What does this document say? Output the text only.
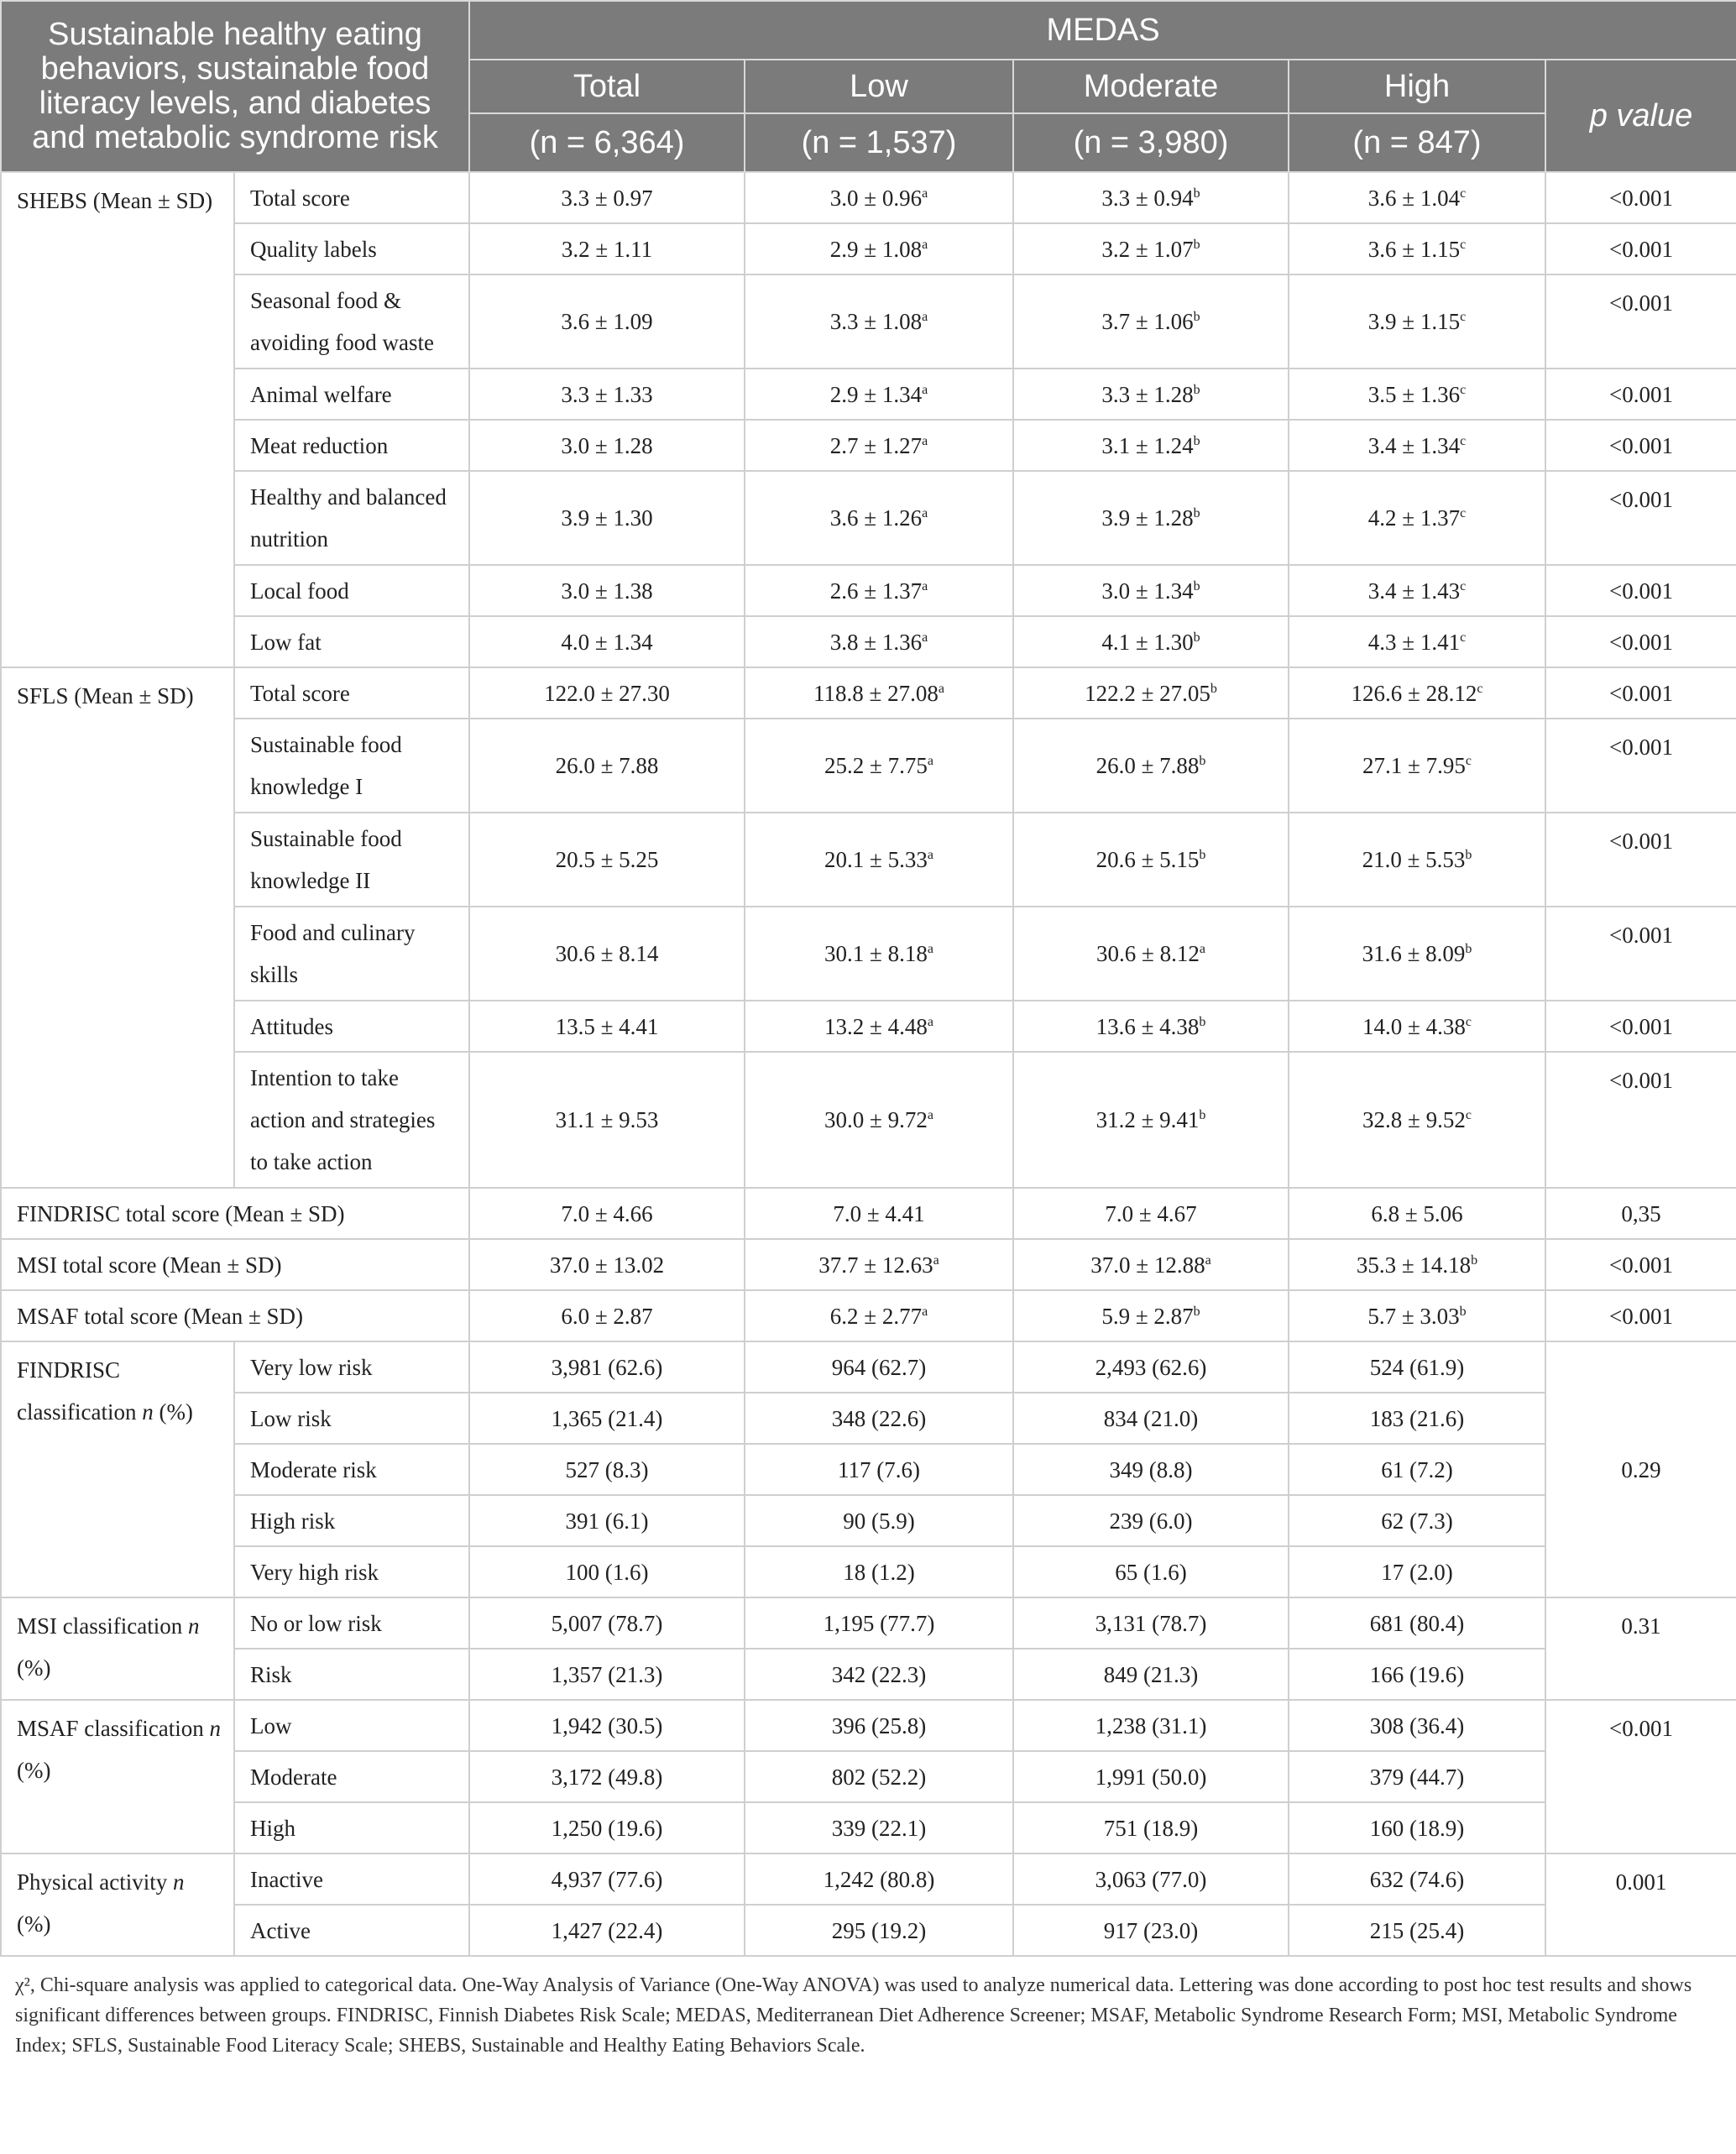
Sustainable healthy eating behaviors, sustainable food literacy levels, and diabetes and metabolic syndrome risk		MEDAS				
		Total	Low	Moderate	High	p value
		(n = 6,364)	(n = 1,537)	(n = 3,980)	(n = 847)	
SHEBS (Mean ± SD)	Total score	3.3 ± 0.97	3.0 ± 0.96$^a$	3.3 ± 0.94$^b$	3.6 ± 1.04$^c$	<0.001
	Quality labels	3.2 ± 1.11	2.9 ± 1.08$^a$	3.2 ± 1.07$^b$	3.6 ± 1.15$^c$	<0.001
	Seasonal food & avoiding food waste	3.6 ± 1.09	3.3 ± 1.08$^a$	3.7 ± 1.06$^b$	3.9 ± 1.15$^c$	<0.001
	Animal welfare	3.3 ± 1.33	2.9 ± 1.34$^a$	3.3 ± 1.28$^b$	3.5 ± 1.36$^c$	<0.001
	Meat reduction	3.0 ± 1.28	2.7 ± 1.27$^a$	3.1 ± 1.24$^b$	3.4 ± 1.34$^c$	<0.001
	Healthy and balanced nutrition	3.9 ± 1.30	3.6 ± 1.26$^a$	3.9 ± 1.28$^b$	4.2 ± 1.37$^c$	<0.001
	Local food	3.0 ± 1.38	2.6 ± 1.37$^a$	3.0 ± 1.34$^b$	3.4 ± 1.43$^c$	<0.001
	Low fat	4.0 ± 1.34	3.8 ± 1.36$^a$	4.1 ± 1.30$^b$	4.3 ± 1.41$^c$	<0.001
SFLS (Mean ± SD)	Total score	122.0 ± 27.30	118.8 ± 27.08$^a$	122.2 ± 27.05$^b$	126.6 ± 28.12$^c$	<0.001
	Sustainable food knowledge I	26.0 ± 7.88	25.2 ± 7.75$^a$	26.0 ± 7.88$^b$	27.1 ± 7.95$^c$	<0.001
	Sustainable food knowledge II	20.5 ± 5.25	20.1 ± 5.33$^a$	20.6 ± 5.15$^b$	21.0 ± 5.53$^b$	<0.001
	Food and culinary skills	30.6 ± 8.14	30.1 ± 8.18$^a$	30.6 ± 8.12$^a$	31.6 ± 8.09$^b$	<0.001
	Attitudes	13.5 ± 4.41	13.2 ± 4.48$^a$	13.6 ± 4.38$^b$	14.0 ± 4.38$^c$	<0.001
	Intention to take action and strategies to take action	31.1 ± 9.53	30.0 ± 9.72$^a$	31.2 ± 9.41$^b$	32.8 ± 9.52$^c$	<0.001
FINDRISC total score (Mean ± SD)		7.0 ± 4.66	7.0 ± 4.41	7.0 ± 4.67	6.8 ± 5.06	0,35
MSI total score (Mean ± SD)		37.0 ± 13.02	37.7 ± 12.63$^a$	37.0 ± 12.88$^a$	35.3 ± 14.18$^b$	<0.001
MSAF total score (Mean ± SD)		6.0 ± 2.87	6.2 ± 2.77$^a$	5.9 ± 2.87$^b$	5.7 ± 3.03$^b$	<0.001
FINDRISC classification n (%)	Very low risk	3,981 (62.6)	964 (62.7)	2,493 (62.6)	524 (61.9)	0.29
	Low risk	1,365 (21.4)	348 (22.6)	834 (21.0)	183 (21.6)	
	Moderate risk	527 (8.3)	117 (7.6)	349 (8.8)	61 (7.2)	
	High risk	391 (6.1)	90 (5.9)	239 (6.0)	62 (7.3)	
	Very high risk	100 (1.6)	18 (1.2)	65 (1.6)	17 (2.0)	
MSI classification n (%)	No or low risk	5,007 (78.7)	1,195 (77.7)	3,131 (78.7)	681 (80.4)	0.31
	Risk	1,357 (21.3)	342 (22.3)	849 (21.3)	166 (19.6)	
MSAF classification n (%)	Low	1,942 (30.5)	396 (25.8)	1,238 (31.1)	308 (36.4)	<0.001
	Moderate	3,172 (49.8)	802 (52.2)	1,991 (50.0)	379 (44.7)	
	High	1,250 (19.6)	339 (22.1)	751 (18.9)	160 (18.9)	
Physical activity n (%)	Inactive	4,937 (77.6)	1,242 (80.8)	3,063 (77.0)	632 (74.6)	0.001
	Active	1,427 (22.4)	295 (19.2)	917 (23.0)	215 (25.4)	
χ², Chi-square analysis was applied to categorical data. One-Way Analysis of Variance (One-Way ANOVA) was used to analyze numerical data. Lettering was done according to post hoc test results and shows significant differences between groups. FINDRISC, Finnish Diabetes Risk Scale; MEDAS, Mediterranean Diet Adherence Screener; MSAF, Metabolic Syndrome Research Form; MSI, Metabolic Syndrome Index; SFLS, Sustainable Food Literacy Scale; SHEBS, Sustainable and Healthy Eating Behaviors Scale.
